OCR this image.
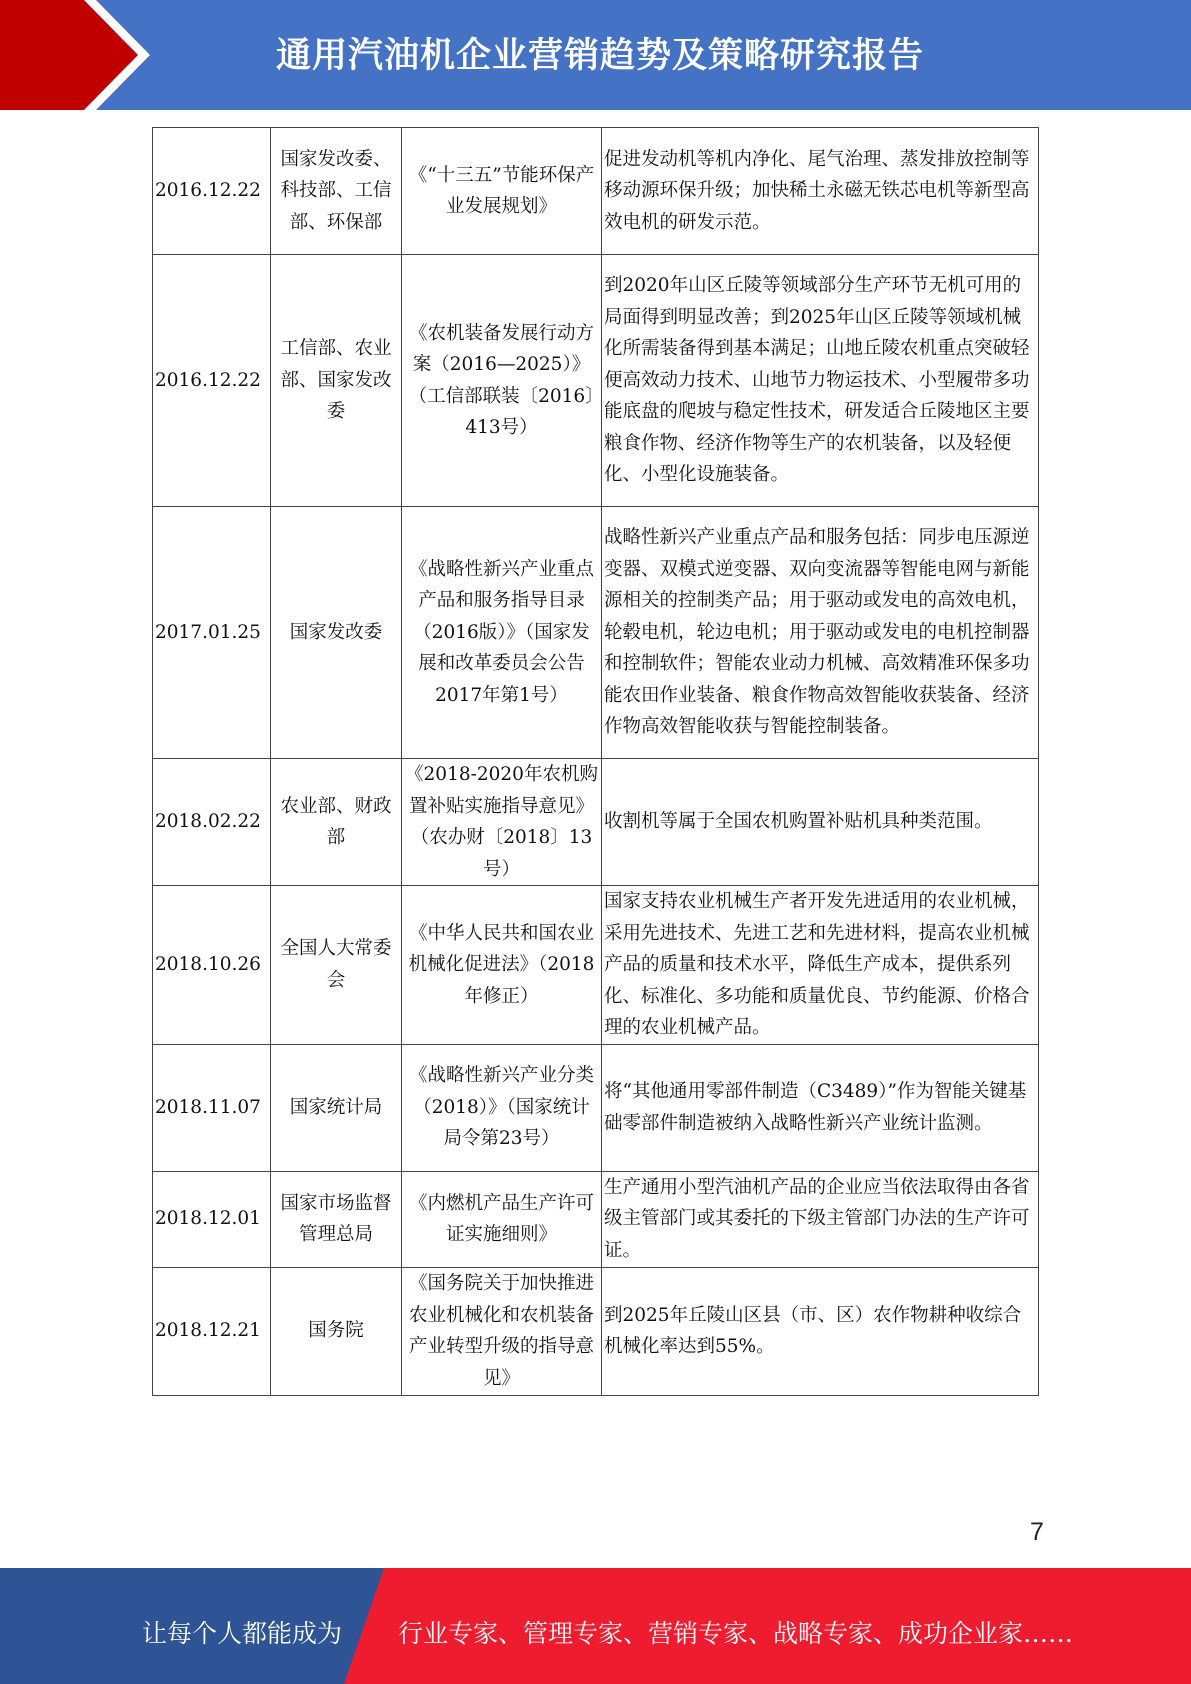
通用汽油机企业营销趋势及策略研究报告
2016.12.22	国家发改委、科技部、工信部、环保部	《“十三五”节能环保产业发展规划》	促进发动机等机内净化、尾气治理、蒸发排放控制等移动源环保升级；加快稀土永磁无铁芯电机等新型高效电机的研发示范。
2016.12.22	工信部、农业部、国家发改委	《农机装备发展行动方案（2016—2025）》（工信部联装〔2016〕413号）	到2020年山区丘陵等领域部分生产环节无机可用的局面得到明显改善；到2025年山区丘陵等领域机械化所需装备得到基本满足；山地丘陵农机重点突破轻便高效动力技术、山地节力物运技术、小型履带多功能底盘的爬坡与稳定性技术，研发适合丘陵地区主要粮食作物、经济作物等生产的农机装备，以及轻便化、小型化设施装备。
2017.01.25	国家发改委	《战略性新兴产业重点产品和服务指导目录（2016版）》（国家发展和改革委员会公告2017年第1号）	战略性新兴产业重点产品和服务包括：同步电压源逆变器、双模式逆变器、双向变流器等智能电网与新能源相关的控制类产品；用于驱动或发电的高效电机，轮毂电机，轮边电机；用于驱动或发电的电机控制器和控制软件；智能农业动力机械、高效精准环保多功能农田作业装备、粮食作物高效智能收获装备、经济作物高效智能收获与智能控制装备。
2018.02.22	农业部、财政部	《2018-2020年农机购置补贴实施指导意见》（农办财〔2018〕13号）	收割机等属于全国农机购置补贴机具种类范围。
2018.10.26	全国人大常委会	《中华人民共和国农业机械化促进法》（2018年修正）	国家支持农业机械生产者开发先进适用的农业机械，采用先进技术、先进工艺和先进材料，提高农业机械产品的质量和技术水平，降低生产成本，提供系列化、标准化、多功能和质量优良、节约能源、价格合理的农业机械产品。
2018.11.07	国家统计局	《战略性新兴产业分类（2018）》（国家统计局令第23号）	将“其他通用零部件制造（C3489）”作为智能关键基础零部件制造被纳入战略性新兴产业统计监测。
2018.12.01	国家市场监督管理总局	《内燃机产品生产许可证实施细则》	生产通用小型汽油机产品的企业应当依法取得由各省级主管部门或其委托的下级主管部门办法的生产许可证。
2018.12.21	国务院	《国务院关于加快推进农业机械化和农机装备产业转型升级的指导意见》	到2025年丘陵山区县（市、区）农作物耕种收综合机械化率达到55%。
7
让每个人都能成为 行业专家、管理专家、营销专家、战略专家、成功企业家……
